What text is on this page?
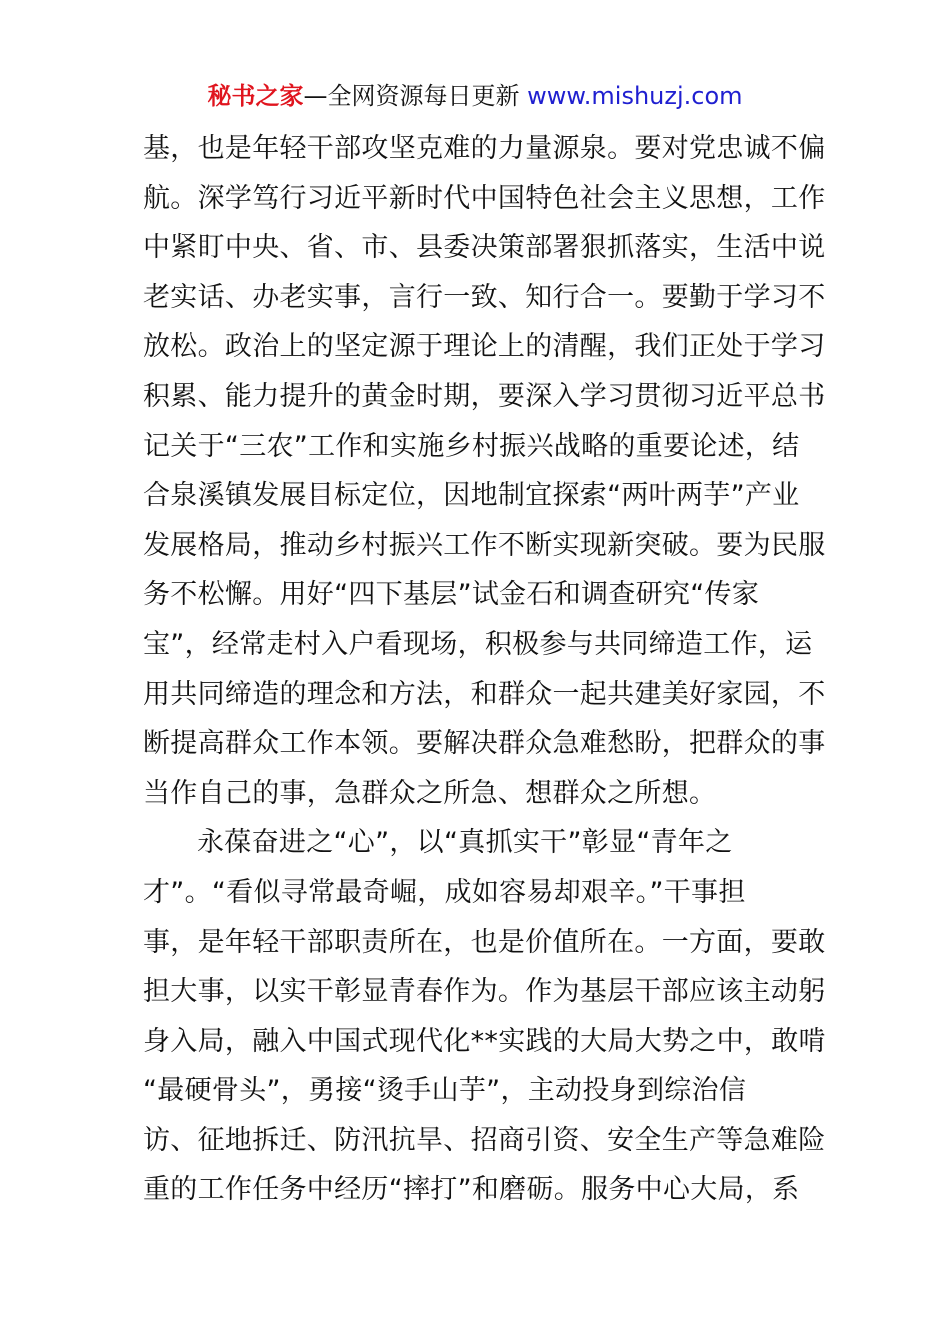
秘书之家—全网资源每日更新 www.mishuzj.com
基，也是年轻干部攻坚克难的力量源泉。要对党忠诚不偏
航。深学笃行习近平新时代中国特色社会主义思想，工作
中紧盯中央、省、市、县委决策部署狠抓落实，生活中说
老实话、办老实事，言行一致、知行合一。要勤于学习不
放松。政治上的坚定源于理论上的清醒，我们正处于学习
积累、能力提升的黄金时期，要深入学习贯彻习近平总书
记关于“三农”工作和实施乡村振兴战略的重要论述，结
合泉溪镇发展目标定位，因地制宜探索“两叶两芋”产业
发展格局，推动乡村振兴工作不断实现新突破。要为民服
务不松懈。用好“四下基层”试金石和调查研究“传家
宝”，经常走村入户看现场，积极参与共同缔造工作，运
用共同缔造的理念和方法，和群众一起共建美好家园，不
断提高群众工作本领。要解决群众急难愁盼，把群众的事
当作自己的事，急群众之所急、想群众之所想。
永葆奋进之“心”，以“真抓实干”彰显“青年之
才”。“看似寻常最奇崛，成如容易却艰辛。”干事担
事，是年轻干部职责所在，也是价值所在。一方面，要敢
担大事，以实干彰显青春作为。作为基层干部应该主动躬
身入局，融入中国式现代化**实践的大局大势之中，敢啃
“最硬骨头”，勇接“烫手山芋”，主动投身到综治信
访、征地拆迁、防汛抗旱、招商引资、安全生产等急难险
重的工作任务中经历“摔打”和磨砺。服务中心大局，系
